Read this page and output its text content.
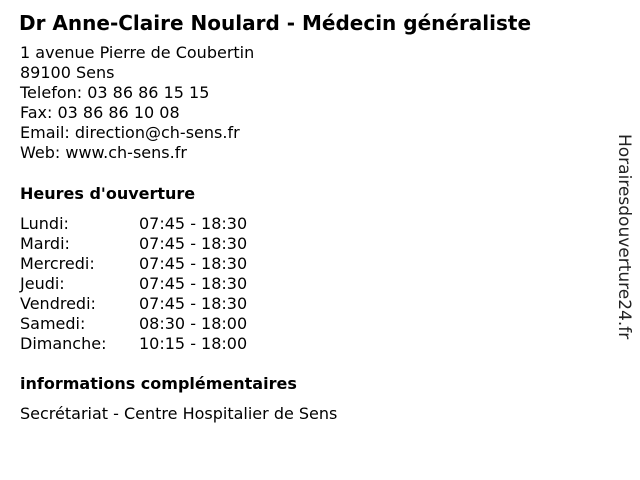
Dr Anne-Claire Noulard - Médecin généraliste
1 avenue Pierre de Coubertin
89100 Sens
Telefon: 03 86 86 15 15
Fax: 03 86 86 10 08
Email: direction@ch-sens.fr
Web: www.ch-sens.fr
Heures d'ouverture
Lundi:	07:45 - 18:30
Mardi:	07:45 - 18:30
Mercredi:	07:45 - 18:30
Jeudi:	07:45 - 18:30
Vendredi:	07:45 - 18:30
Samedi:	08:30 - 18:00
Dimanche:	10:15 - 18:00
informations complémentaires
Secrétariat - Centre Hospitalier de Sens
Horairesdouverture24.fr
